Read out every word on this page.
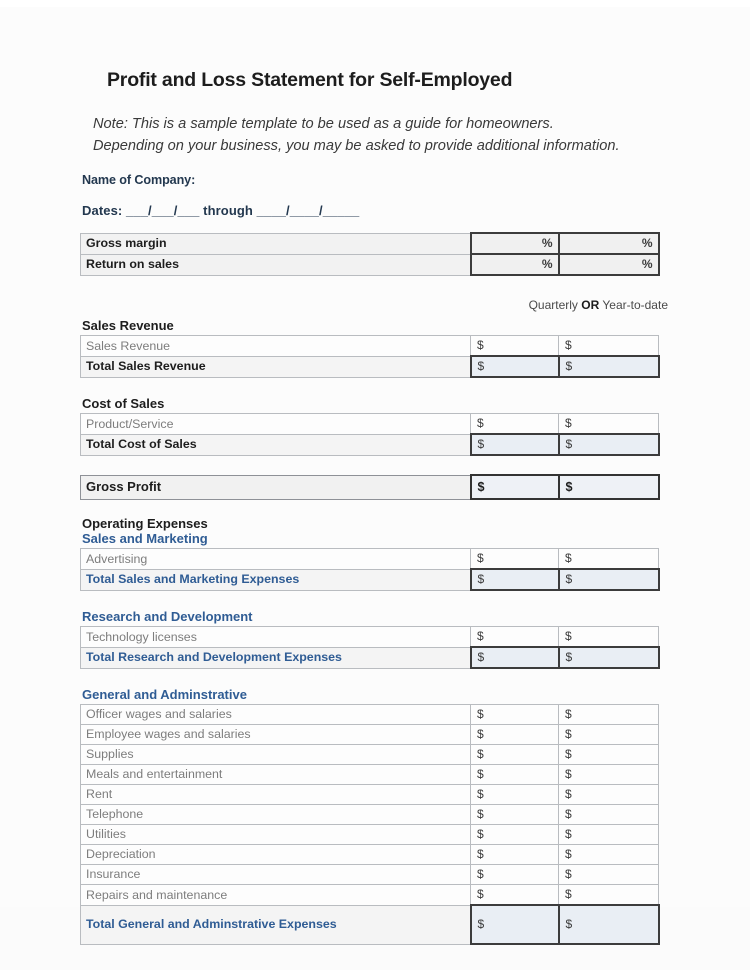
Profit and Loss Statement for Self-Employed
Note: This is a sample template to be used as a guide for homeowners.
Depending on your business, you may be asked to provide additional information.
Name of Company:
Dates: ___/___/___ through ____/____/_____
Gross margin	%	%
Return on sales	%	%
Quarterly OR Year-to-date
Sales Revenue
Sales Revenue	$	$
Total Sales Revenue	$	$
Cost of Sales
Product/Service	$	$
Total Cost of Sales	$	$
Gross Profit	$	$
Operating Expenses
Sales and Marketing
Advertising	$	$
Total Sales and Marketing Expenses	$	$
Research and Development
Technology licenses	$	$
Total Research and Development Expenses	$	$
General and Adminstrative
Officer wages and salaries	$	$
Employee wages and salaries	$	$
Supplies	$	$
Meals and entertainment	$	$
Rent	$	$
Telephone	$	$
Utilities	$	$
Depreciation	$	$
Insurance	$	$
Repairs and maintenance	$	$
Total General and Adminstrative Expenses	$	$
